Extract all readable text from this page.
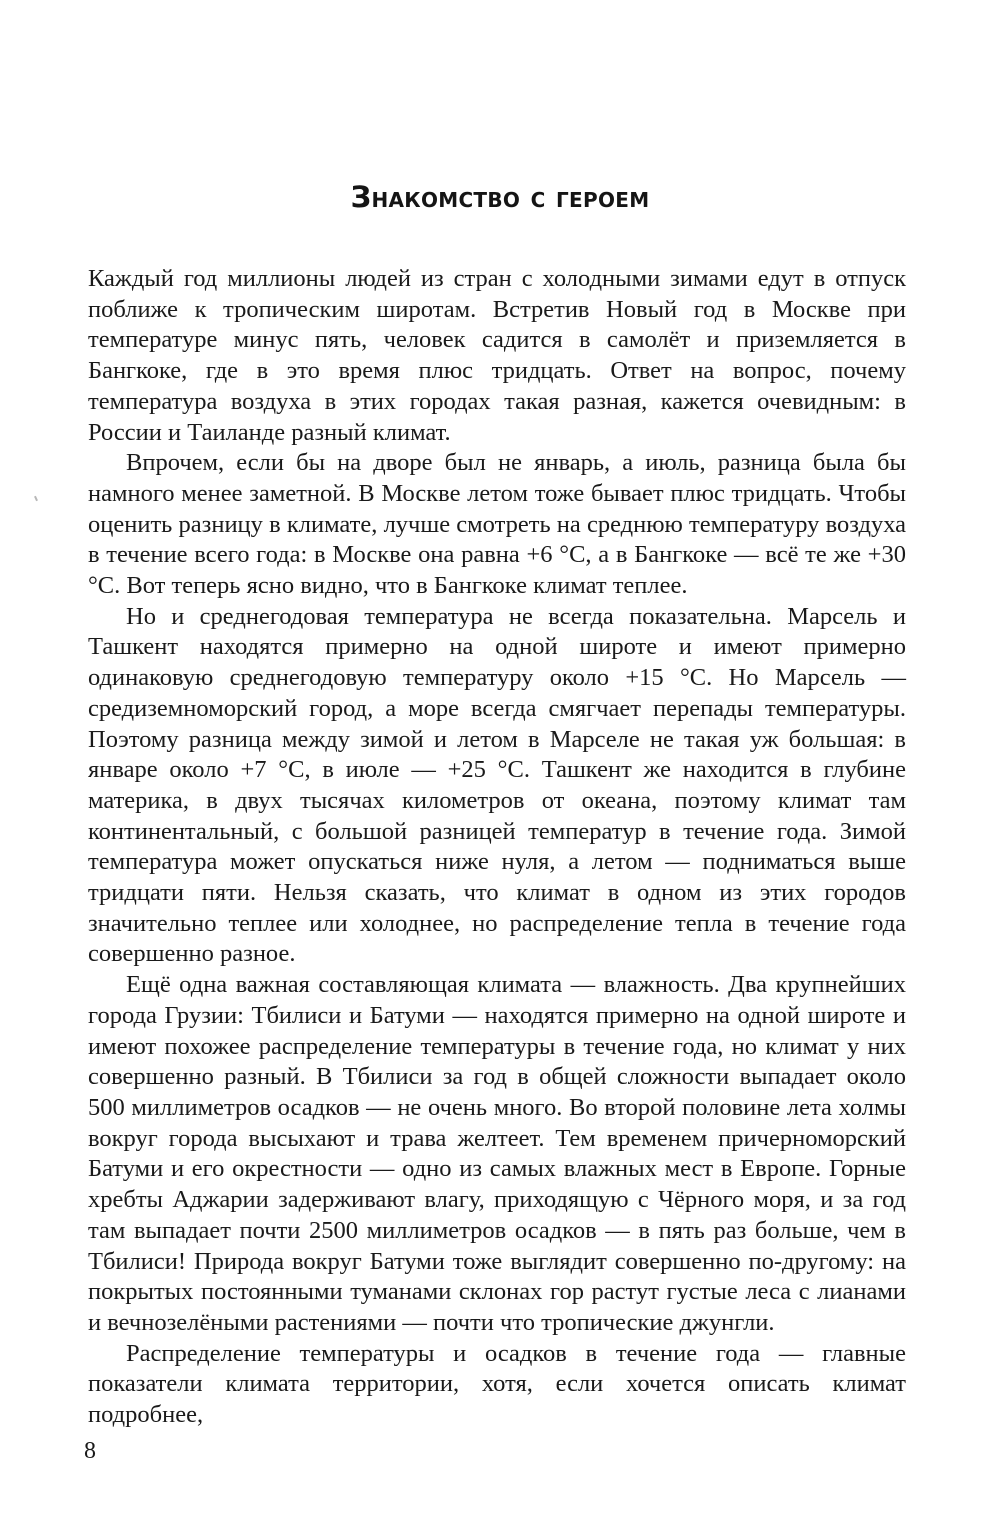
Знакомство с героем

Каждый год миллионы людей из стран с холодными зимами едут в отпуск поближе к тропическим широтам. Встретив Новый год в Москве при температуре минус пять, человек садится в самолёт и приземляется в Бангкоке, где в это время плюс тридцать. Ответ на вопрос, почему температура воздуха в этих городах такая разная, кажется очевидным: в России и Таиланде разный климат.

Впрочем, если бы на дворе был не январь, а июль, разница была бы намного менее заметной. В Москве летом тоже бывает плюс тридцать. Чтобы оценить разницу в климате, лучше смотреть на среднюю температуру воздуха в течение всего года: в Москве она равна +6 °C, а в Бангкоке — всё те же +30 °C. Вот теперь ясно видно, что в Бангкоке климат теплее.

Но и среднегодовая температура не всегда показательна. Марсель и Ташкент находятся примерно на одной широте и имеют примерно одинаковую среднегодовую температуру около +15 °C. Но Марсель — средиземноморский город, а море всегда смягчает перепады температуры. Поэтому разница между зимой и летом в Марселе не такая уж большая: в январе около +7 °C, в июле — +25 °C. Ташкент же находится в глубине материка, в двух тысячах километров от океана, поэтому климат там континентальный, с большой разницей температур в течение года. Зимой температура может опускаться ниже нуля, а летом — подниматься выше тридцати пяти. Нельзя сказать, что климат в одном из этих городов значительно теплее или холоднее, но распределение тепла в течение года совершенно разное.

Ещё одна важная составляющая климата — влажность. Два крупнейших города Грузии: Тбилиси и Батуми — находятся примерно на одной широте и имеют похожее распределение температуры в течение года, но климат у них совершенно разный. В Тбилиси за год в общей сложности выпадает около 500 миллиметров осадков — не очень много. Во второй половине лета холмы вокруг города высыхают и трава желтеет. Тем временем причерноморский Батуми и его окрестности — одно из самых влажных мест в Европе. Горные хребты Аджарии задерживают влагу, приходящую с Чёрного моря, и за год там выпадает почти 2500 миллиметров осадков — в пять раз больше, чем в Тбилиси! Природа вокруг Батуми тоже выглядит совершенно по-другому: на покрытых постоянными туманами склонах гор растут густые леса с лианами и вечнозелёными растениями — почти что тропические джунгли.

Распределение температуры и осадков в течение года — главные показатели климата территории, хотя, если хочется описать климат подробнее,

8
